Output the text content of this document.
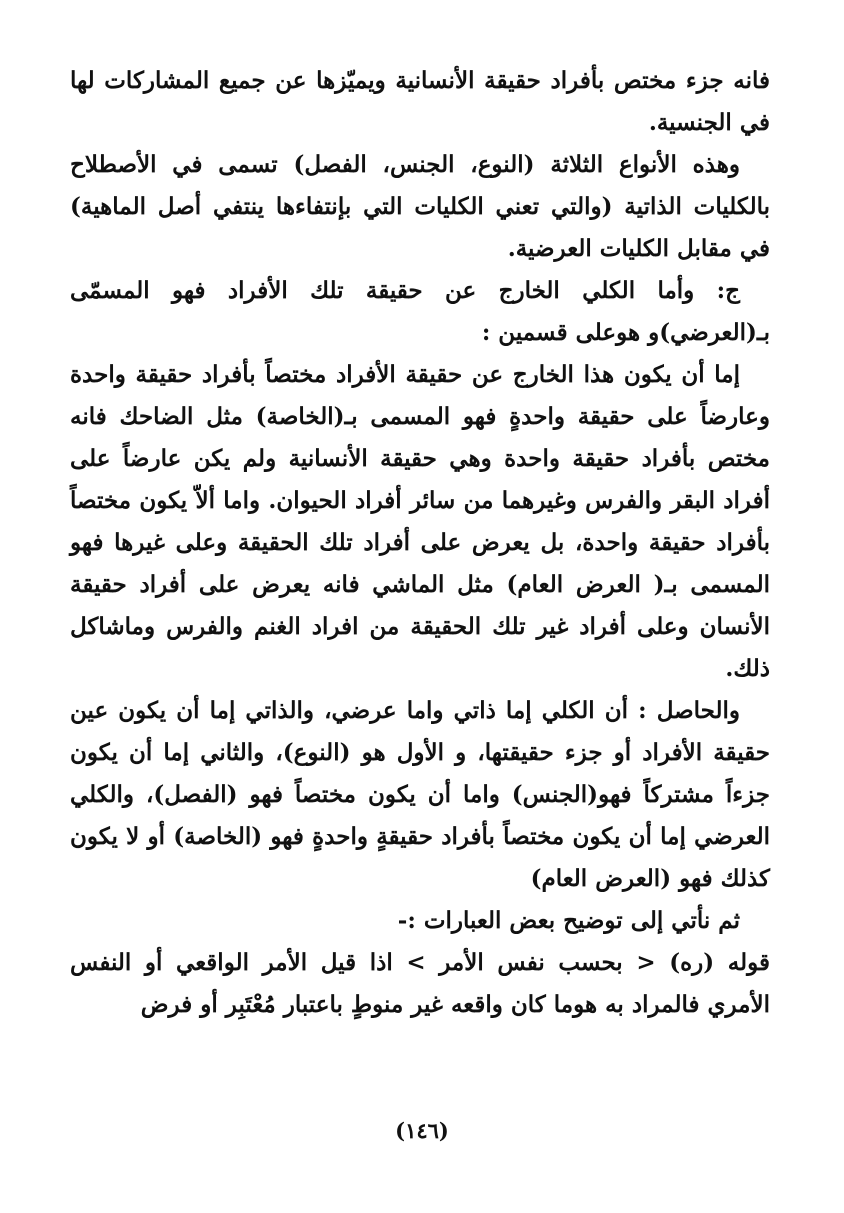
فانه جزء مختص بأفراد حقيقة الأنسانية ويميّزها عن جميع المشاركات لها في الجنسية.

وهذه الأنواع الثلاثة (النوع، الجنس، الفصل) تسمى في الأصطلاح بالكليات الذاتية (والتي تعني الكليات التي بإنتفاءها ينتفي أصل الماهية) في مقابل الكليات العرضية.

ج: وأما الكلي الخارج عن حقيقة تلك الأفراد فهو المسمّى بـ(العرضي)و هوعلى قسمين :

إما أن يكون هذا الخارج عن حقيقة الأفراد مختصاً بأفراد حقيقة واحدة وعارضاً على حقيقة واحدةٍ فهو المسمى بـ(الخاصة) مثل الضاحك فانه مختص بأفراد حقيقة واحدة وهي حقيقة الأنسانية ولم يكن عارضاً على أفراد البقر والفرس وغيرهما من سائر أفراد الحيوان. واما ألاّ يكون مختصاً بأفراد حقيقة واحدة، بل يعرض على أفراد تلك الحقيقة وعلى غيرها فهو المسمى بـ( العرض العام) مثل الماشي فانه يعرض على أفراد حقيقة الأنسان وعلى أفراد غير تلك الحقيقة من افراد الغنم والفرس وماشاكل ذلك.

والحاصل : أن الكلي إما ذاتي واما عرضي، والذاتي إما أن يكون عين حقيقة الأفراد أو جزء حقيقتها، و الأول هو (النوع)، والثاني إما أن يكون جزءاً مشتركاً فهو(الجنس) واما أن يكون مختصاً فهو (الفصل)، والكلي العرضي إما أن يكون مختصاً بأفراد حقيقةٍ واحدةٍ فهو (الخاصة) أو لا يكون كذلك فهو (العرض العام)

ثم نأتي إلى توضيح بعض العبارات :-

قوله (ره) < بحسب نفس الأمر > اذا قيل الأمر الواقعي أو النفس الأمري فالمراد به هوما كان واقعه غير منوطٍ باعتبار مُعْتَبِر أو فرض

(١٤٦)
